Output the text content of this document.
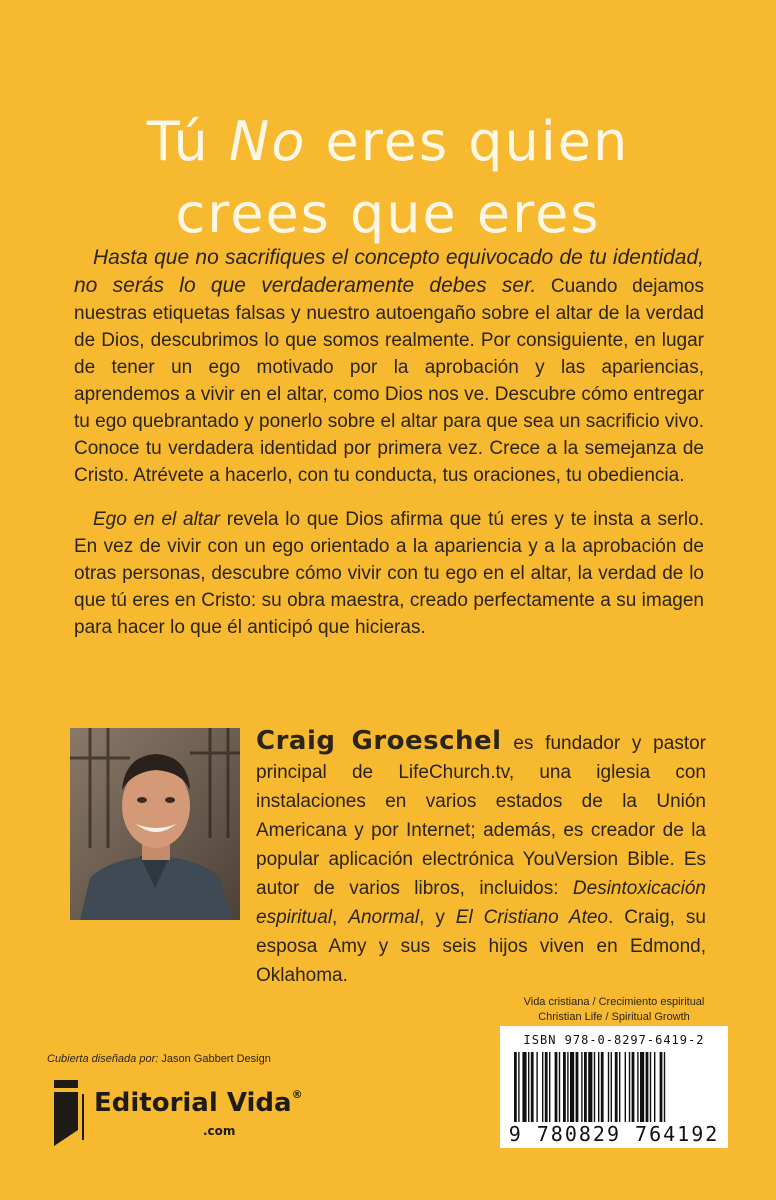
Tú No eres quien
crees que eres

Hasta que no sacrifiques el concepto equivocado de tu identidad, no serás lo que verdaderamente debes ser. Cuando dejamos nuestras etiquetas falsas y nuestro autoengaño sobre el altar de la verdad de Dios, descubrimos lo que somos realmente. Por consiguiente, en lugar de tener un ego motivado por la aprobación y las apariencias, aprendemos a vivir en el altar, como Dios nos ve. Descubre cómo entregar tu ego quebrantado y ponerlo sobre el altar para que sea un sacrificio vivo. Conoce tu verdadera identidad por primera vez. Crece a la semejanza de Cristo. Atrévete a hacerlo, con tu conducta, tus oraciones, tu obediencia.

Ego en el altar revela lo que Dios afirma que tú eres y te insta a serlo. En vez de vivir con un ego orientado a la apariencia y a la aprobación de otras personas, descubre cómo vivir con tu ego en el altar, la verdad de lo que tú eres en Cristo: su obra maestra, creado perfectamente a su imagen para hacer lo que él anticipó que hicieras.

Craig Groeschel es fundador y pastor principal de LifeChurch.tv, una iglesia con instalaciones en varios estados de la Unión Americana y por Internet; además, es creador de la popular aplicación electrónica YouVersion Bible. Es autor de varios libros, incluidos: Desintoxicación espiritual, Anormal, y El Cristiano Ateo. Craig, su esposa Amy y sus seis hijos viven en Edmond, Oklahoma.
Vida cristiana / Crecimiento espiritual
Christian Life / Spiritual Growth
ISBN 978-0-8297-6419-2
9 780829 764192
Cubierta diseñada por: Jason Gabbert Design
Editorial Vida®
.com
